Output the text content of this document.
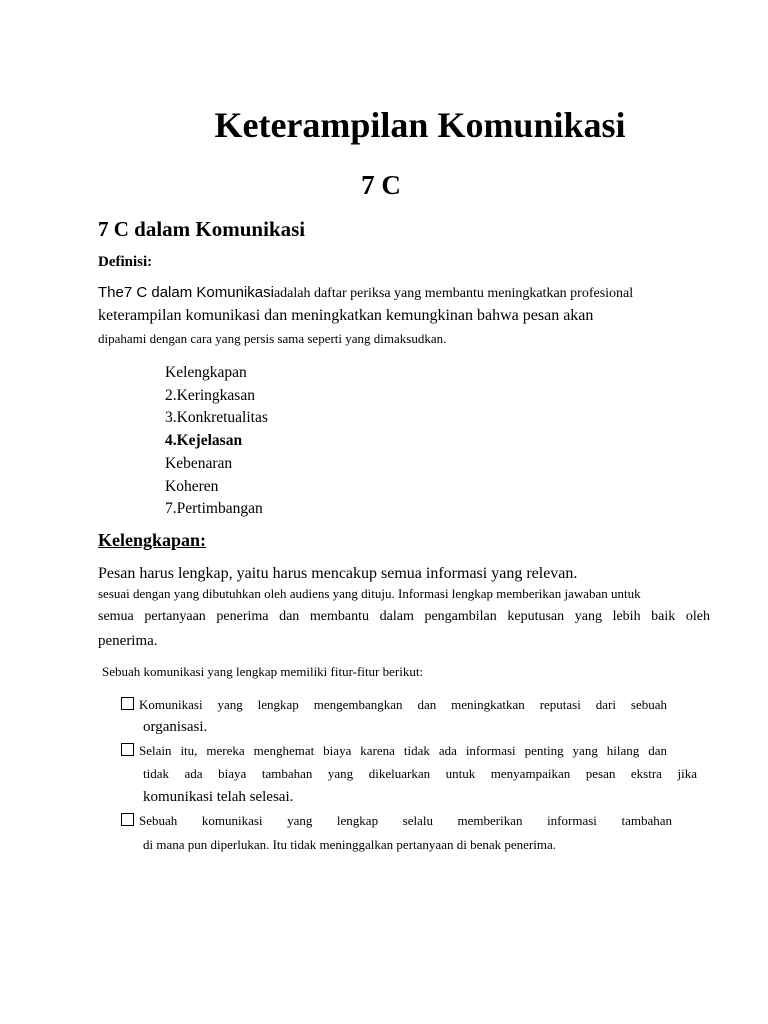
Keterampilan Komunikasi
7 C
7 C dalam Komunikasi
Definisi:
The7 C dalam Komunikasiadalah daftar periksa yang membantu meningkatkan profesional
keterampilan komunikasi dan meningkatkan kemungkinan bahwa pesan akan
dipahami dengan cara yang persis sama seperti yang dimaksudkan.
Kelengkapan
2.Keringkasan
3.Konkretualitas
4.Kejelasan
Kebenaran
Koheren
7.Pertimbangan
Kelengkapan:
Pesan harus lengkap, yaitu harus mencakup semua informasi yang relevan.
sesuai dengan yang dibutuhkan oleh audiens yang dituju. Informasi lengkap memberikan jawaban untuk
semua pertanyaan penerima dan membantu dalam pengambilan keputusan yang lebih baik oleh
penerima.
Sebuah komunikasi yang lengkap memiliki fitur-fitur berikut:
Komunikasi yang lengkap mengembangkan dan meningkatkan reputasi dari sebuah
organisasi.
Selain itu, mereka menghemat biaya karena tidak ada informasi penting yang hilang dan
tidak ada biaya tambahan yang dikeluarkan untuk menyampaikan pesan ekstra jika
komunikasi telah selesai.
Sebuah komunikasi yang lengkap selalu memberikan informasi tambahan
di mana pun diperlukan. Itu tidak meninggalkan pertanyaan di benak penerima.
